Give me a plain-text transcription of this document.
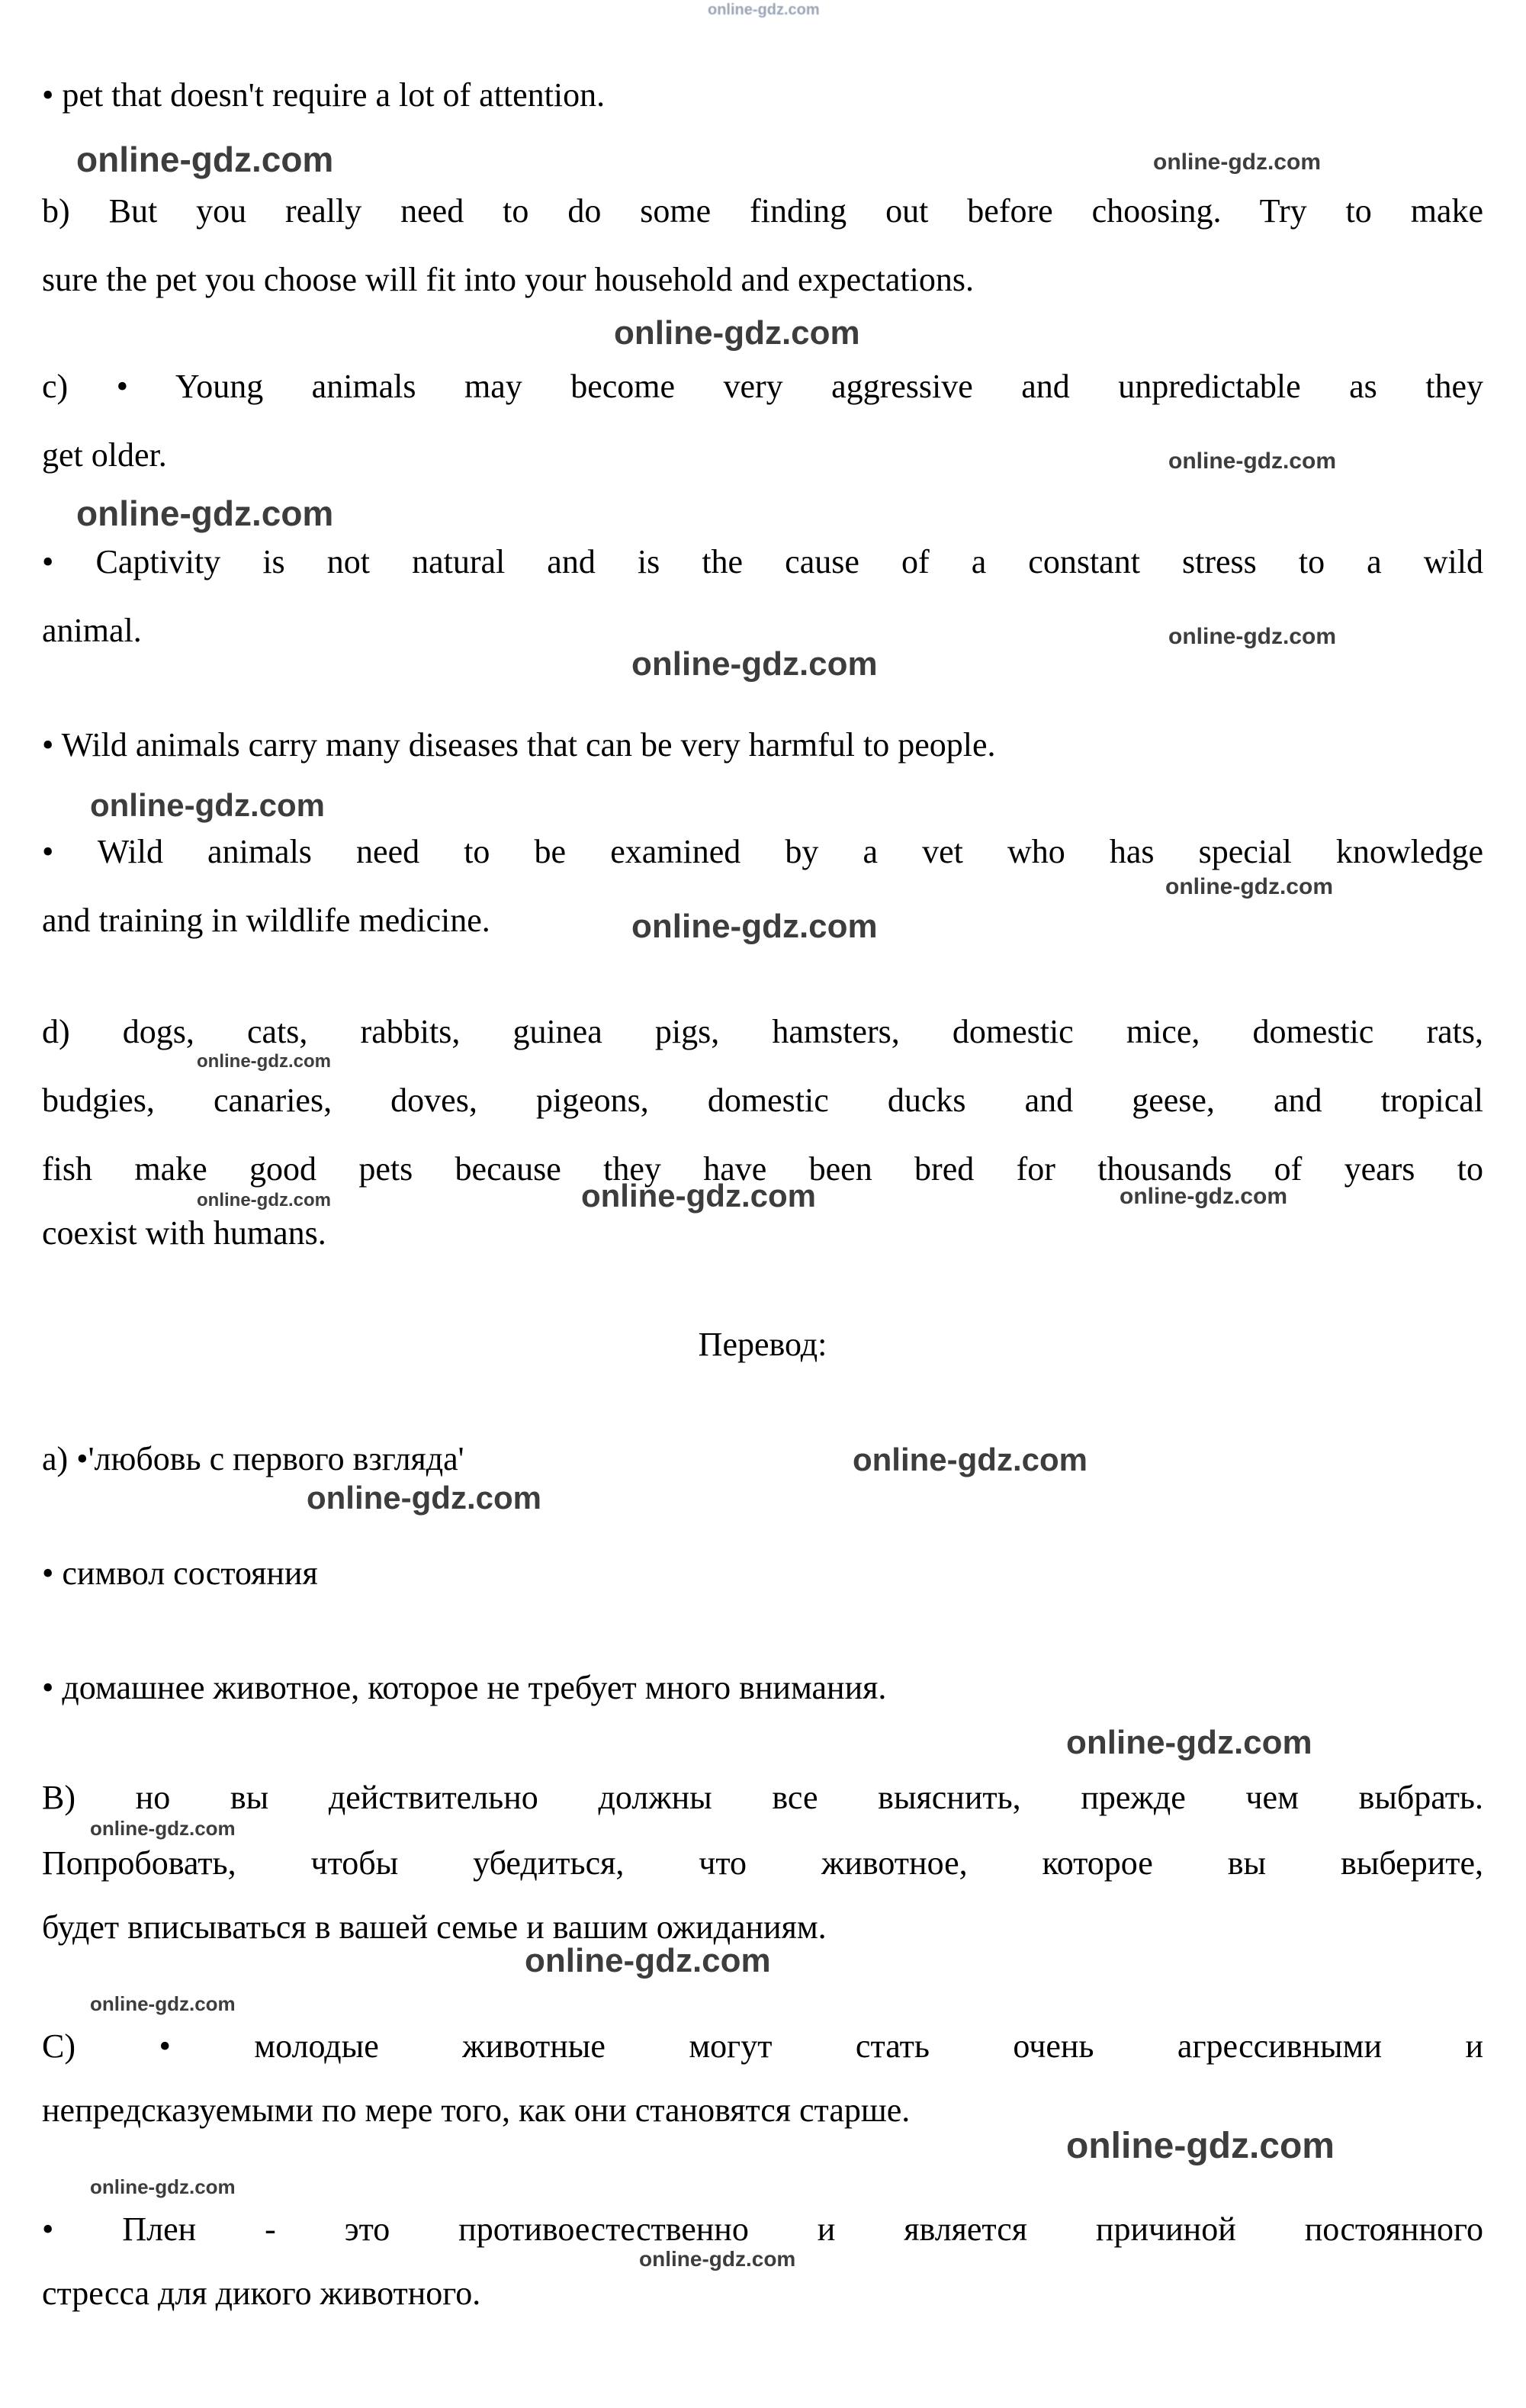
online-gdz.com
• pet that doesn't require a lot of attention.
b) But you really need to do some finding out before choosing. Try to make
sure the pet you choose will fit into your household and expectations.
c) • Young animals may become very aggressive and unpredictable as they
get older.
• Captivity is not natural and is the cause of a constant stress to a wild
animal.
• Wild animals carry many diseases that can be very harmful to people.
• Wild animals need to be examined by a vet who has special knowledge
and training in wildlife medicine.
d) dogs, cats, rabbits, guinea pigs, hamsters, domestic mice, domestic rats,
budgies, canaries, doves, pigeons, domestic ducks and geese, and tropical
fish make good pets because they have been bred for thousands of years to
coexist with humans.
Перевод:
a) •'любовь с первого взгляда'
• символ состояния
• домашнее животное, которое не требует много внимания.
В) но вы действительно должны все выяснить, прежде чем выбрать.
Попробовать, чтобы убедиться, что животное, которое вы выберите,
будет вписываться в вашей семье и вашим ожиданиям.
С) • молодые животные могут стать очень агрессивными и
непредсказуемыми по мере того, как они становятся старше.
• Плен - это противоестественно и является причиной постоянного
стресса для дикого животного.
online-gdz.com	online-gdz.com
online-gdz.com
online-gdz.com
online-gdz.com
online-gdz.com
online-gdz.com
online-gdz.com
online-gdz.com
online-gdz.com
online-gdz.com
online-gdz.com	online-gdz.com	online-gdz.com
online-gdz.com
online-gdz.com
online-gdz.com
online-gdz.com
online-gdz.com
online-gdz.com
online-gdz.com
online-gdz.com
online-gdz.com
